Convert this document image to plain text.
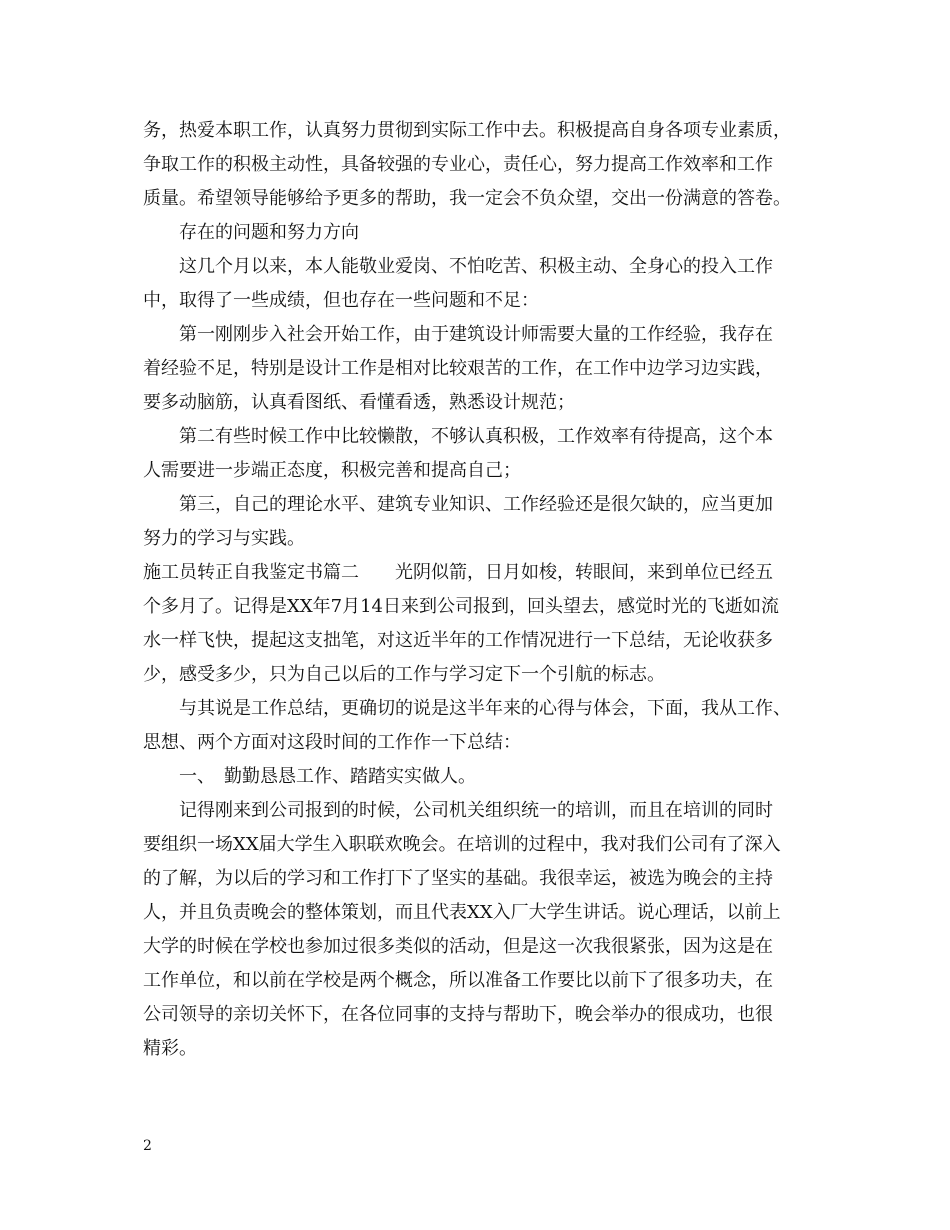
务，热爱本职工作，认真努力贯彻到实际工作中去。积极提高自身各项专业素质，
争取工作的积极主动性，具备较强的专业心，责任心，努力提高工作效率和工作
质量。希望领导能够给予更多的帮助，我一定会不负众望，交出一份满意的答卷。
存在的问题和努力方向
这几个月以来，本人能敬业爱岗、不怕吃苦、积极主动、全身心的投入工作
中，取得了一些成绩，但也存在一些问题和不足：
第一刚刚步入社会开始工作，由于建筑设计师需要大量的工作经验，我存在
着经验不足，特别是设计工作是相对比较艰苦的工作，在工作中边学习边实践，
要多动脑筋，认真看图纸、看懂看透，熟悉设计规范；
第二有些时候工作中比较懒散，不够认真积极，工作效率有待提高，这个本
人需要进一步端正态度，积极完善和提高自己；
第三，自己的理论水平、建筑专业知识、工作经验还是很欠缺的，应当更加
努力的学习与实践。
施工员转正自我鉴定书篇二　　光阴似箭，日月如梭，转眼间，来到单位已经五
个多月了。记得是XX年7月14日来到公司报到，回头望去，感觉时光的飞逝如流
水一样飞快，提起这支拙笔，对这近半年的工作情况进行一下总结，无论收获多
少，感受多少，只为自己以后的工作与学习定下一个引航的标志。
与其说是工作总结，更确切的说是这半年来的心得与体会，下面，我从工作、
思想、两个方面对这段时间的工作作一下总结：
一、　勤勤恳恳工作、踏踏实实做人。
记得刚来到公司报到的时候，公司机关组织统一的培训，而且在培训的同时
要组织一场XX届大学生入职联欢晚会。在培训的过程中，我对我们公司有了深入
的了解，为以后的学习和工作打下了坚实的基础。我很幸运，被选为晚会的主持
人，并且负责晚会的整体策划，而且代表XX入厂大学生讲话。说心理话，以前上
大学的时候在学校也参加过很多类似的活动，但是这一次我很紧张，因为这是在
工作单位，和以前在学校是两个概念，所以准备工作要比以前下了很多功夫，在
公司领导的亲切关怀下，在各位同事的支持与帮助下，晚会举办的很成功，也很
精彩。
2
